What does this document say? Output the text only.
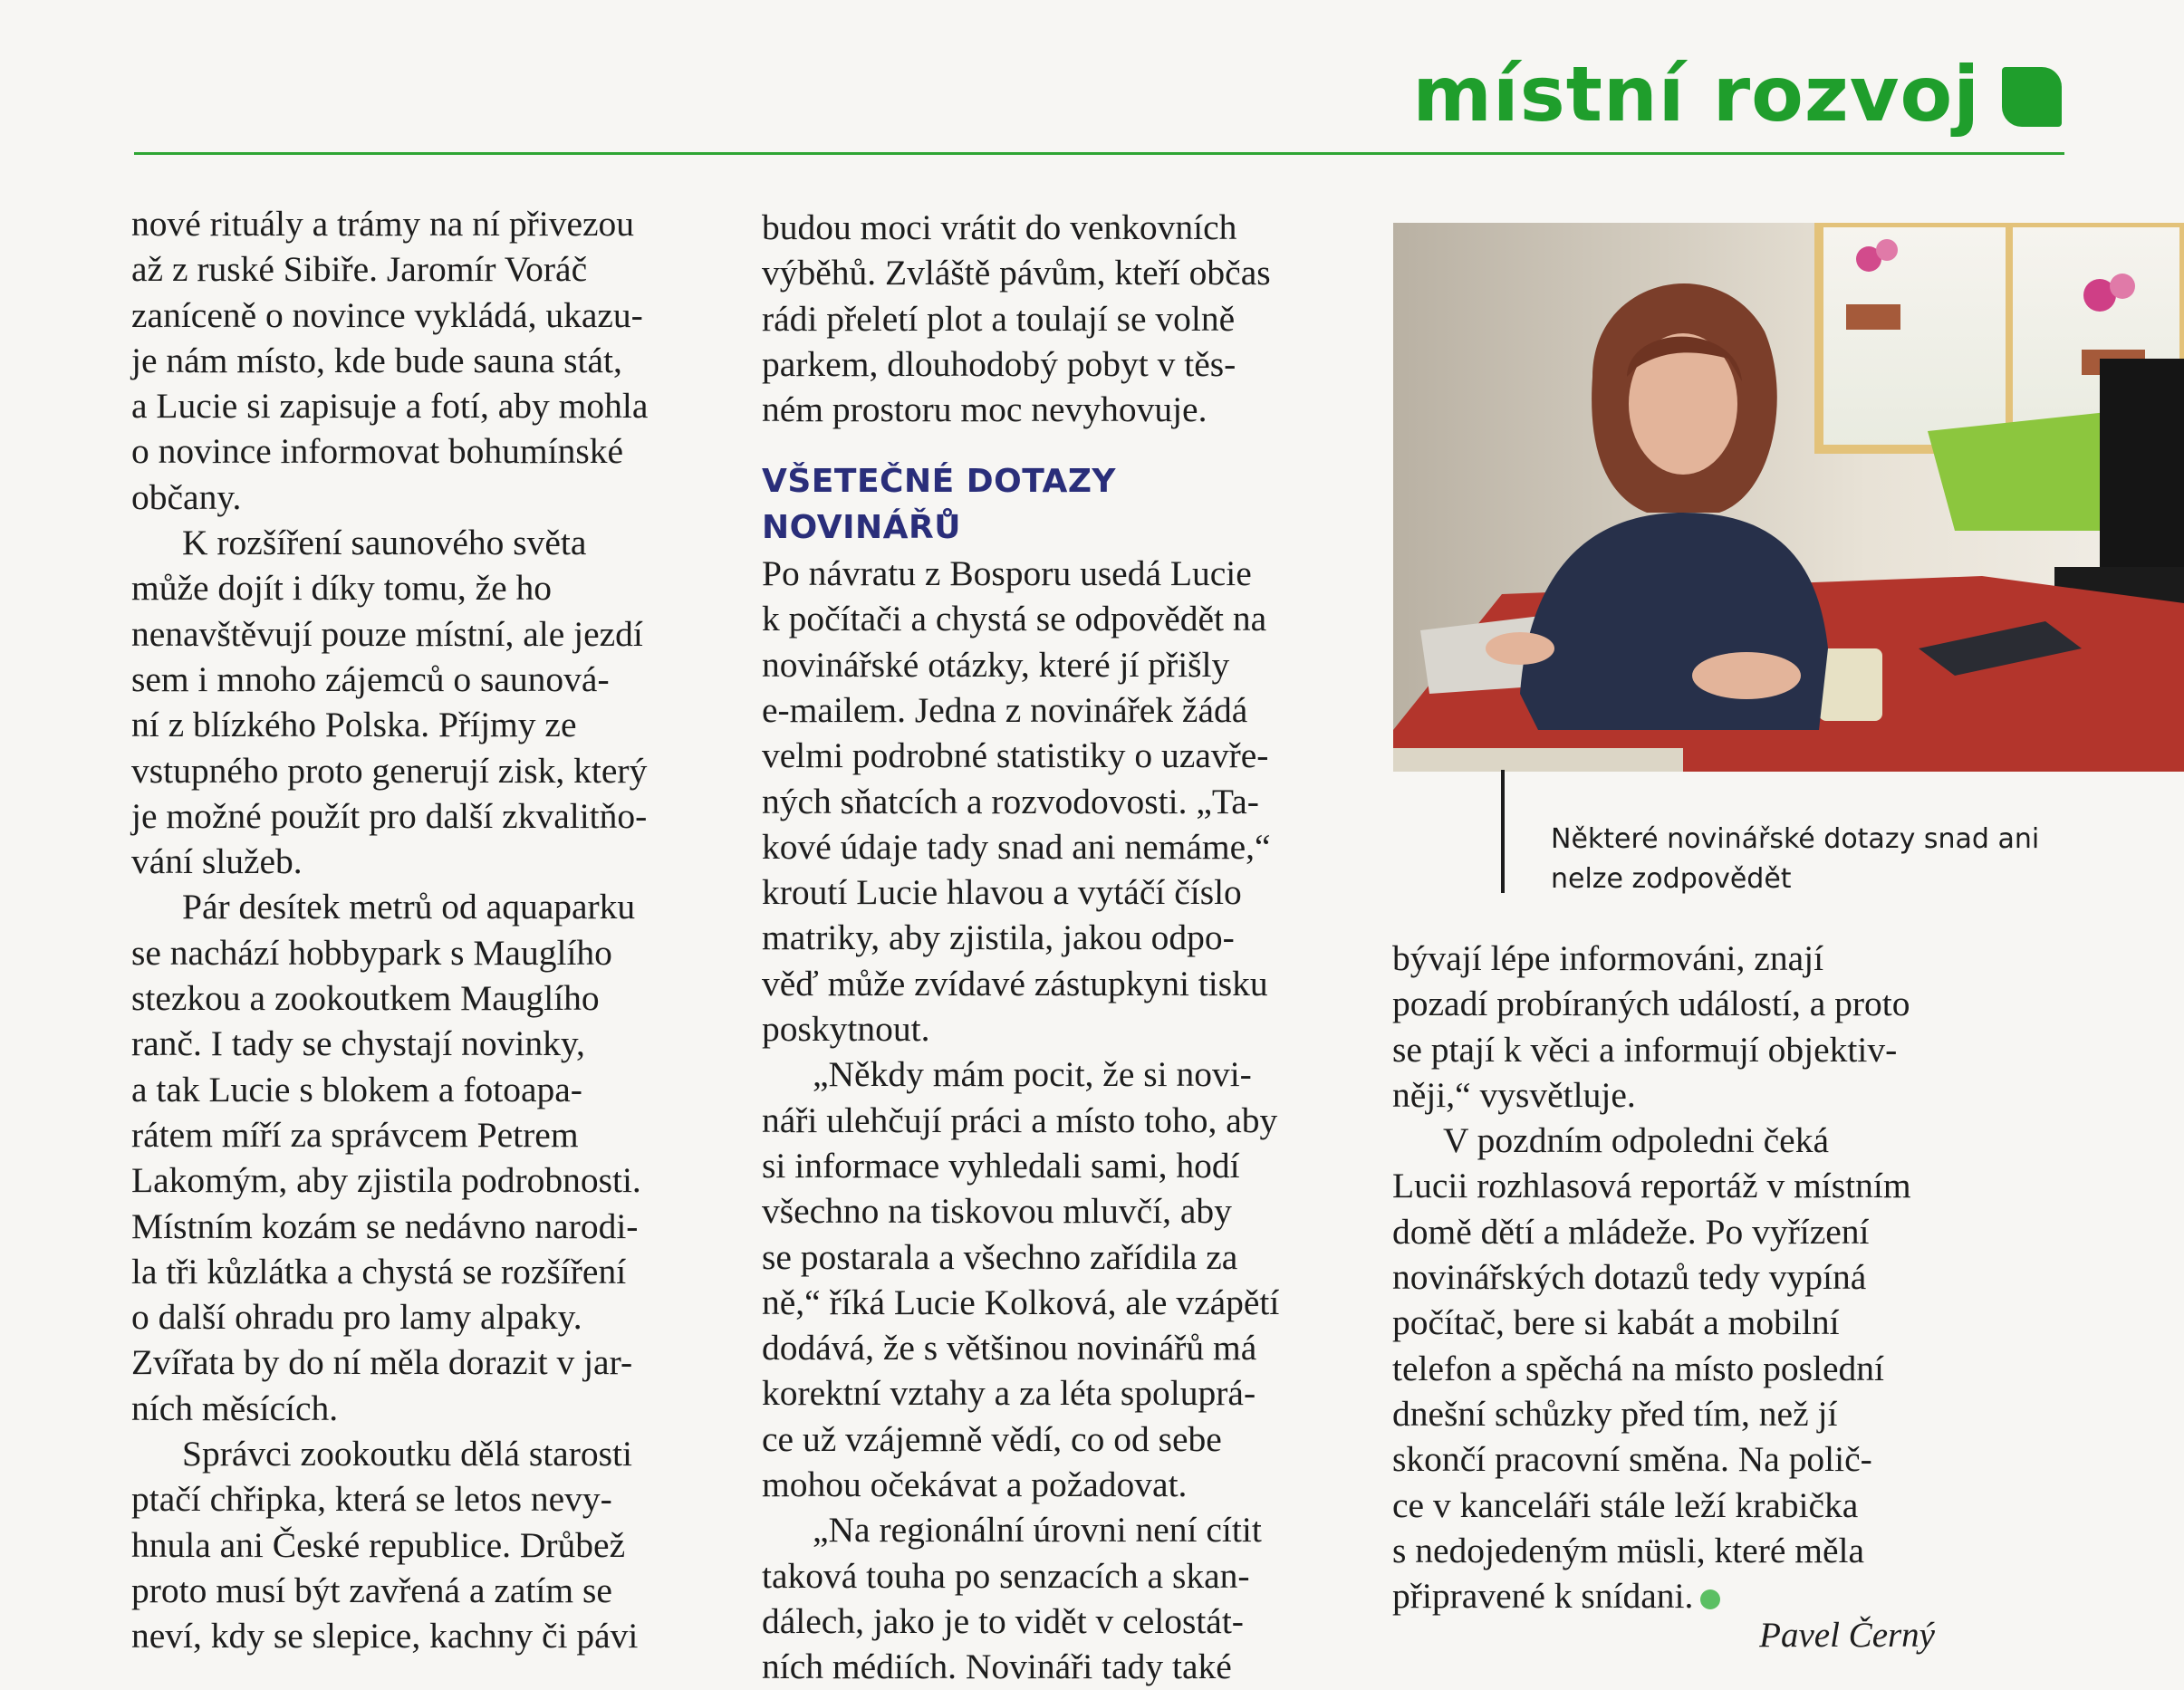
místní rozvoj
nové rituály a trámy na ní přivezou
až z ruské Sibiře. Jaromír Voráč
zaníceně o novince vykládá, ukazu-
je nám místo, kde bude sauna stát,
a Lucie si zapisuje a fotí, aby mohla
o novince informovat bohumínské
občany.
K rozšíření saunového světa
může dojít i díky tomu, že ho
nenavštěvují pouze místní, ale jezdí
sem i mnoho zájemců o saunová-
ní z blízkého Polska. Příjmy ze
vstupného proto generují zisk, který
je možné použít pro další zkvalitňo-
vání služeb.
Pár desítek metrů od aquaparku
se nachází hobbypark s Mauglího
stezkou a zookoutkem Mauglího
ranč. I tady se chystají novinky,
a tak Lucie s blokem a fotoapa-
rátem míří za správcem Petrem
Lakomým, aby zjistila podrobnosti.
Místním kozám se nedávno narodi-
la tři kůzlátka a chystá se rozšíření
o další ohradu pro lamy alpaky.
Zvířata by do ní měla dorazit v jar-
ních měsících.
Správci zookoutku dělá starosti
ptačí chřipka, která se letos nevy-
hnula ani České republice. Drůbež
proto musí být zavřená a zatím se
neví, kdy se slepice, kachny či pávi
budou moci vrátit do venkovních
výběhů. Zvláště pávům, kteří občas
rádi přeletí plot a toulají se volně
parkem, dlouhodobý pobyt v těs-
ném prostoru moc nevyhovuje.
VŠETEČNÉ DOTAZY NOVINÁŘŮ
Po návratu z Bosporu usedá Lucie
k počítači a chystá se odpovědět na
novinářské otázky, které jí přišly
e-mailem. Jedna z novinářek žádá
velmi podrobné statistiky o uzavře-
ných sňatcích a rozvodovosti. „Ta-
kové údaje tady snad ani nemáme,“
kroutí Lucie hlavou a vytáčí číslo
matriky, aby zjistila, jakou odpo-
věď může zvídavé zástupkyni tisku
poskytnout.
„Někdy mám pocit, že si novi-
náři ulehčují práci a místo toho, aby
si informace vyhledali sami, hodí
všechno na tiskovou mluvčí, aby
se postarala a všechno zařídila za
ně,“ říká Lucie Kolková, ale vzápětí
dodává, že s většinou novinářů má
korektní vztahy a za léta spoluprá-
ce už vzájemně vědí, co od sebe
mohou očekávat a požadovat.
„Na regionální úrovni není cítit
taková touha po senzacích a skan-
dálech, jako je to vidět v celostát-
ních médiích. Novináři tady také
Některé novinářské dotazy snad ani nelze zodpovědět
bývají lépe informováni, znají
pozadí probíraných událostí, a proto
se ptají k věci a informují objektiv-
něji,“ vysvětluje.
V pozdním odpoledni čeká
Lucii rozhlasová reportáž v místním
domě dětí a mládeže. Po vyřízení
novinářských dotazů tedy vypíná
počítač, bere si kabát a mobilní
telefon a spěchá na místo poslední
dnešní schůzky před tím, než jí
skončí pracovní směna. Na polič-
ce v kanceláři stále leží krabička
s nedojedeným müsli, které měla
připravené k snídani.
Pavel Černý
